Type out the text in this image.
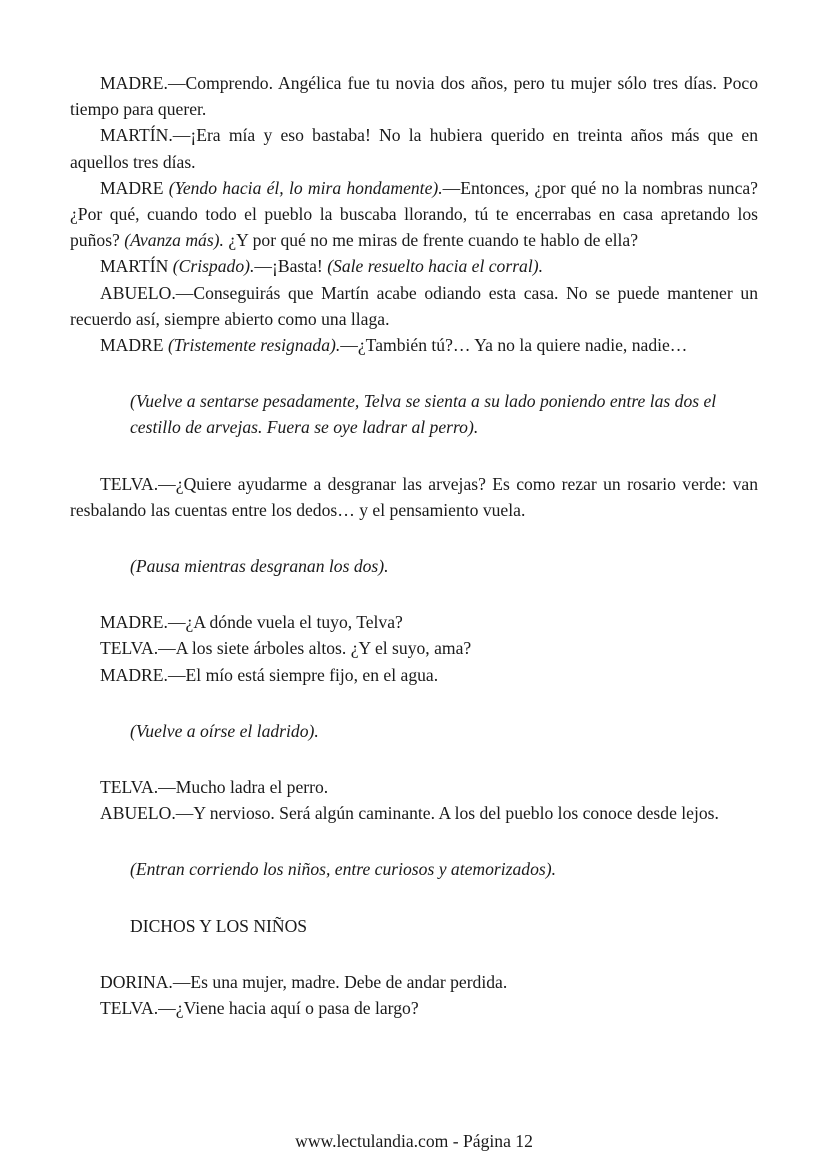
MADRE.—Comprendo. Angélica fue tu novia dos años, pero tu mujer sólo tres días. Poco tiempo para querer.

MARTÍN.—¡Era mía y eso bastaba! No la hubiera querido en treinta años más que en aquellos tres días.

MADRE (Yendo hacia él, lo mira hondamente).—Entonces, ¿por qué no la nombras nunca? ¿Por qué, cuando todo el pueblo la buscaba llorando, tú te encerrabas en casa apretando los puños? (Avanza más). ¿Y por qué no me miras de frente cuando te hablo de ella?

MARTÍN (Crispado).—¡Basta! (Sale resuelto hacia el corral).

ABUELO.—Conseguirás que Martín acabe odiando esta casa. No se puede mantener un recuerdo así, siempre abierto como una llaga.

MADRE (Tristemente resignada).—¿También tú?… Ya no la quiere nadie, nadie…

(Vuelve a sentarse pesadamente, Telva se sienta a su lado poniendo entre las dos el cestillo de arvejas. Fuera se oye ladrar al perro).

TELVA.—¿Quiere ayudarme a desgranar las arvejas? Es como rezar un rosario verde: van resbalando las cuentas entre los dedos… y el pensamiento vuela.

(Pausa mientras desgranan los dos).

MADRE.—¿A dónde vuela el tuyo, Telva?

TELVA.—A los siete árboles altos. ¿Y el suyo, ama?

MADRE.—El mío está siempre fijo, en el agua.

(Vuelve a oírse el ladrido).

TELVA.—Mucho ladra el perro.

ABUELO.—Y nervioso. Será algún caminante. A los del pueblo los conoce desde lejos.

(Entran corriendo los niños, entre curiosos y atemorizados).

DICHOS Y LOS NIÑOS

DORINA.—Es una mujer, madre. Debe de andar perdida.

TELVA.—¿Viene hacia aquí o pasa de largo?

www.lectulandia.com - Página 12
